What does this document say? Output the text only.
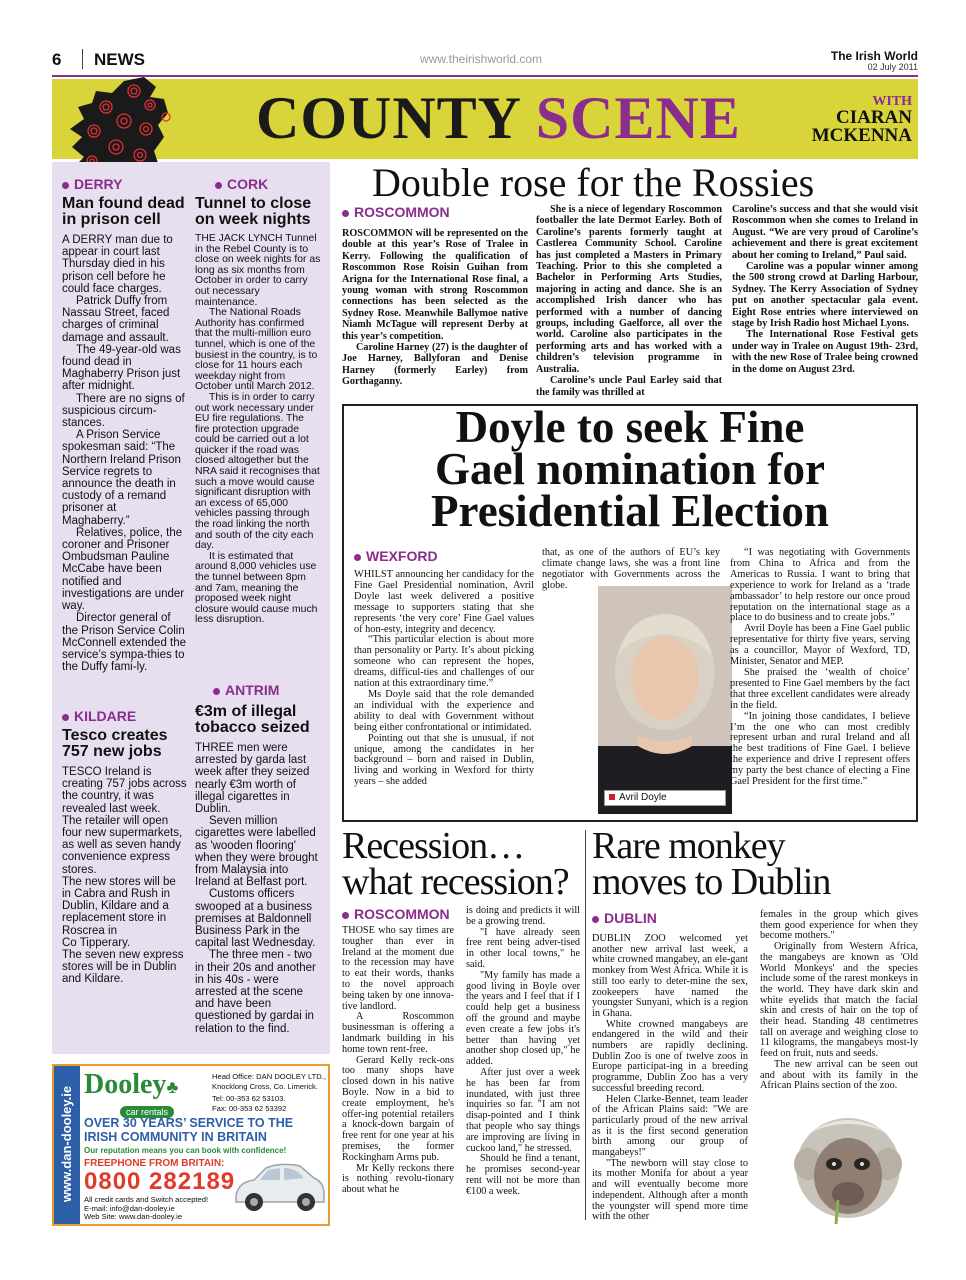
6 NEWS	www.theirishworld.com	The Irish World
02 July 2011
COUNTY SCENE	WITH
CIARAN
MCKENNA
DERRY
Man found dead in prison cell

A DERRY man due to appear in court last Thursday died in his prison cell before he could face charges.

Patrick Duffy from Nassau Street, faced charges of criminal damage and assault.

The 49-year-old was found dead in Maghaberry Prison just after midnight.

There are no signs of suspicious circum-stances.

A Prison Service spokesman said: “The Northern Ireland Prison Service regrets to announce the death in custody of a remand prisoner at Maghaberry.”

Relatives, police, the coroner and Prisoner Ombudsman Pauline McCabe have been notified and investigations are under way.

Director general of the Prison Service Colin McConnell extended the service’s sympa-thies to the Duffy fami-ly.

KILDARE
Tesco creates 757 new jobs

TESCO Ireland is creating 757 jobs across the country, it was revealed last week.

The retailer will open four new supermarkets, as well as seven handy convenience express stores.

The new stores will be in Cabra and Rush in Dublin, Kildare and a replacement store in Roscrea in

Co Tipperary.

The seven new express stores will be in Dublin and Kildare.

CORK
Tunnel to close on week nights

THE JACK LYNCH Tunnel in the Rebel County is to close on week nights for as long as six months from October in order to carry out necessary maintenance.

The National Roads Authority has confirmed that the multi-million euro tunnel, which is one of the busiest in the country, is to close for 11 hours each weekday night from October until March 2012.

This is in order to carry out work necessary under EU fire regulations. The fire protection upgrade could be carried out a lot quicker if the road was closed altogether but the NRA said it recognises that such a move would cause significant disruption with an excess of 65,000 vehicles passing through the road linking the north and south of the city each day.

It is estimated that around 8,000 vehicles use the tunnel between 8pm and 7am, meaning the proposed week night closure would cause much less disruption.

ANTRIM
€3m of illegal tobacco seized

THREE men were arrested by garda last week after they seized nearly €3m worth of illegal cigarettes in Dublin.

Seven million cigarettes were labelled as 'wooden flooring' when they were brought from Malaysia into Ireland at Belfast port.

Customs officers swooped at a business premises at Baldonnell Business Park in the capital last Wednesday.

The three men - two in their 20s and another in his 40s - were arrested at the scene and have been questioned by gardai in relation to the find.

Double rose for the Rossies
ROSCOMMON

ROSCOMMON will be represented on the double at this year’s Rose of Tralee in Kerry. Following the qualification of Roscommon Rose Roisin Guihan from Arigna for the International Rose final, a young woman with strong Roscommon connections has been selected as the Sydney Rose. Meanwhile Ballymoe native Niamh McTague will represent Derby at this year’s competition.

Caroline Harney (27) is the daughter of Joe Harney, Ballyforan and Denise Harney (formerly Earley) from Gorthaganny.

She is a niece of legendary Roscommon footballer the late Dermot Earley. Both of Caroline’s parents formerly taught at Castlerea Community School. Caroline has just completed a Masters in Primary Teaching. Prior to this she completed a Bachelor in Performing Arts Studies, majoring in acting and dance. She is an accomplished Irish dancer who has performed with a number of dancing groups, including Gaelforce, all over the world. Caroline also participates in the performing arts and has worked with a children’s television programme in Australia.

Caroline’s uncle Paul Earley said that the family was thrilled at

Caroline’s success and that she would visit Roscommon when she comes to Ireland in August. “We are very proud of Caroline’s achievement and there is great excitement about her coming to Ireland,” Paul said.

Caroline was a popular winner among the 500 strong crowd at Darling Harbour, Sydney. The Kerry Association of Sydney put on another spectacular gala event. Eight Rose entries where interviewed on stage by Irish Radio host Michael Lyons.

The International Rose Festival gets under way in Tralee on August 19th- 23rd, with the new Rose of Tralee being crowned in the dome on August 23rd.

Doyle to seek Fine
Gael nomination for
Presidential Election
WEXFORD

WHILST announcing her candidacy for the Fine Gael Presidential nomination, Avril Doyle last week delivered a positive message to supporters stating that she represents ‘the very core’ Fine Gael values of hon-esty, integrity and decency.

“This particular election is about more than personality or Party. It’s about picking someone who can represent the hopes, dreams, difficul-ties and challenges of our nation at this extraordinary time.”

Ms Doyle said that the role demanded an individual with the experience and ability to deal with Government without being either confrontational or intimidated.

Pointing out that she is unusual, if not unique, among the candidates in her background – born and raised in Dublin, living and working in Wexford for thirty years – she added

that, as one of the authors of EU’s key climate change laws, she was a front line negotiator with Governments across the globe.

Avril Doyle

“I was negotiating with Governments from China to Africa and from the Americas to Russia. I want to bring that experience to work for Ireland as a ‘trade ambassador’ to help restore our once proud reputation on the international stage as a place to do business and to create jobs.”

Avril Doyle has been a Fine Gael public representative for thirty five years, serving as a councillor, Mayor of Wexford, TD, Minister, Senator and MEP.

She praised the ‘wealth of choice’ presented to Fine Gael members by the fact that three excellent candidates were already in the field.

“In joining those candidates, I believe I’m the one who can most credibly represent urban and rural Ireland and all the best traditions of Fine Gael. I believe the experience and drive I represent offers my party the best chance of electing a Fine Gael President for the first time.”

Recession…
what recession?
ROSCOMMON

THOSE who say times are tougher than ever in Ireland at the moment due to the recession may have to eat their words, thanks to the novel approach being taken by one innova-tive landlord.

A Roscommon businessman is offering a landmark building in his home town rent-free.

Gerard Kelly reck-ons too many shops have closed down in his native Boyle. Now in a bid to create employment, he's offer-ing potential retailers a knock-down bargain of free rent for one year at his premises, the former Rockingham Arms pub.

Mr Kelly reckons there is nothing revolu-tionary about what he

is doing and predicts it will be a growing trend.

"I have already seen free rent being adver-tised in other local towns," he said.

"My family has made a good living in Boyle over the years and I feel that if I could help get a business off the ground and maybe even create a few jobs it's better than having yet another shop closed up," he added.

After just over a week he has been far from inundated, with just three inquiries so far. "I am not disap-pointed and I think that people who say things are improving are living in cuckoo land," he stressed.

Should he find a tenant, he promises second-year rent will not be more than €100 a week.

Rare monkey
moves to Dublin
DUBLIN

DUBLIN ZOO welcomed yet another new arrival last week, a white crowned mangabey, an ele-gant monkey from West Africa. While it is still too early to deter-mine the sex, zookeepers have named the youngster Sunyani, which is a region in Ghana.

White crowned mangabeys are endangered in the wild and their numbers are rapidly declining. Dublin Zoo is one of twelve zoos in Europe participat-ing in a breeding programme, Dublin Zoo has a very successful breeding record.

Helen Clarke-Bennet, team leader of the African Plains said: "We are particularly proud of the new arrival as it is the first second generation birth among our group of mangabeys!"

"The newborn will stay close to its mother Monifa for about a year and will eventually become more independent. Although after a month the youngster will spend more time with the other

females in the group which gives them good experience for when they become mothers."

Originally from Western Africa, the mangabeys are known as 'Old World Monkeys' and the species include some of the rarest monkeys in the world. They have dark skin and white eyelids that match the facial skin and crests of hair on the top of their head. Standing 48 centimetres tall on average and weighing close to 11 kilograms, the mangabeys most-ly feed on fruit, nuts and seeds.

The new arrival can be seen out and about with its family in the African Plains section of the zoo.

www.dan-dooley.ie
Dooley♣
car rentals
Head Office: DAN DOOLEY LTD.,
Knocklong Cross, Co. Limerick.
Tel: 00-353 62 53103.
Fax: 00-353 62 53392
OVER 30 YEARS’ SERVICE TO THE
IRISH COMMUNITY IN BRITAIN
Our reputation means you can book with confidence!
FREEPHONE FROM BRITAIN:
0800 282189
All credit cards and Switch accepted!
E-mail: info@dan-dooley.ie
Web Site: www.dan-dooley.ie
